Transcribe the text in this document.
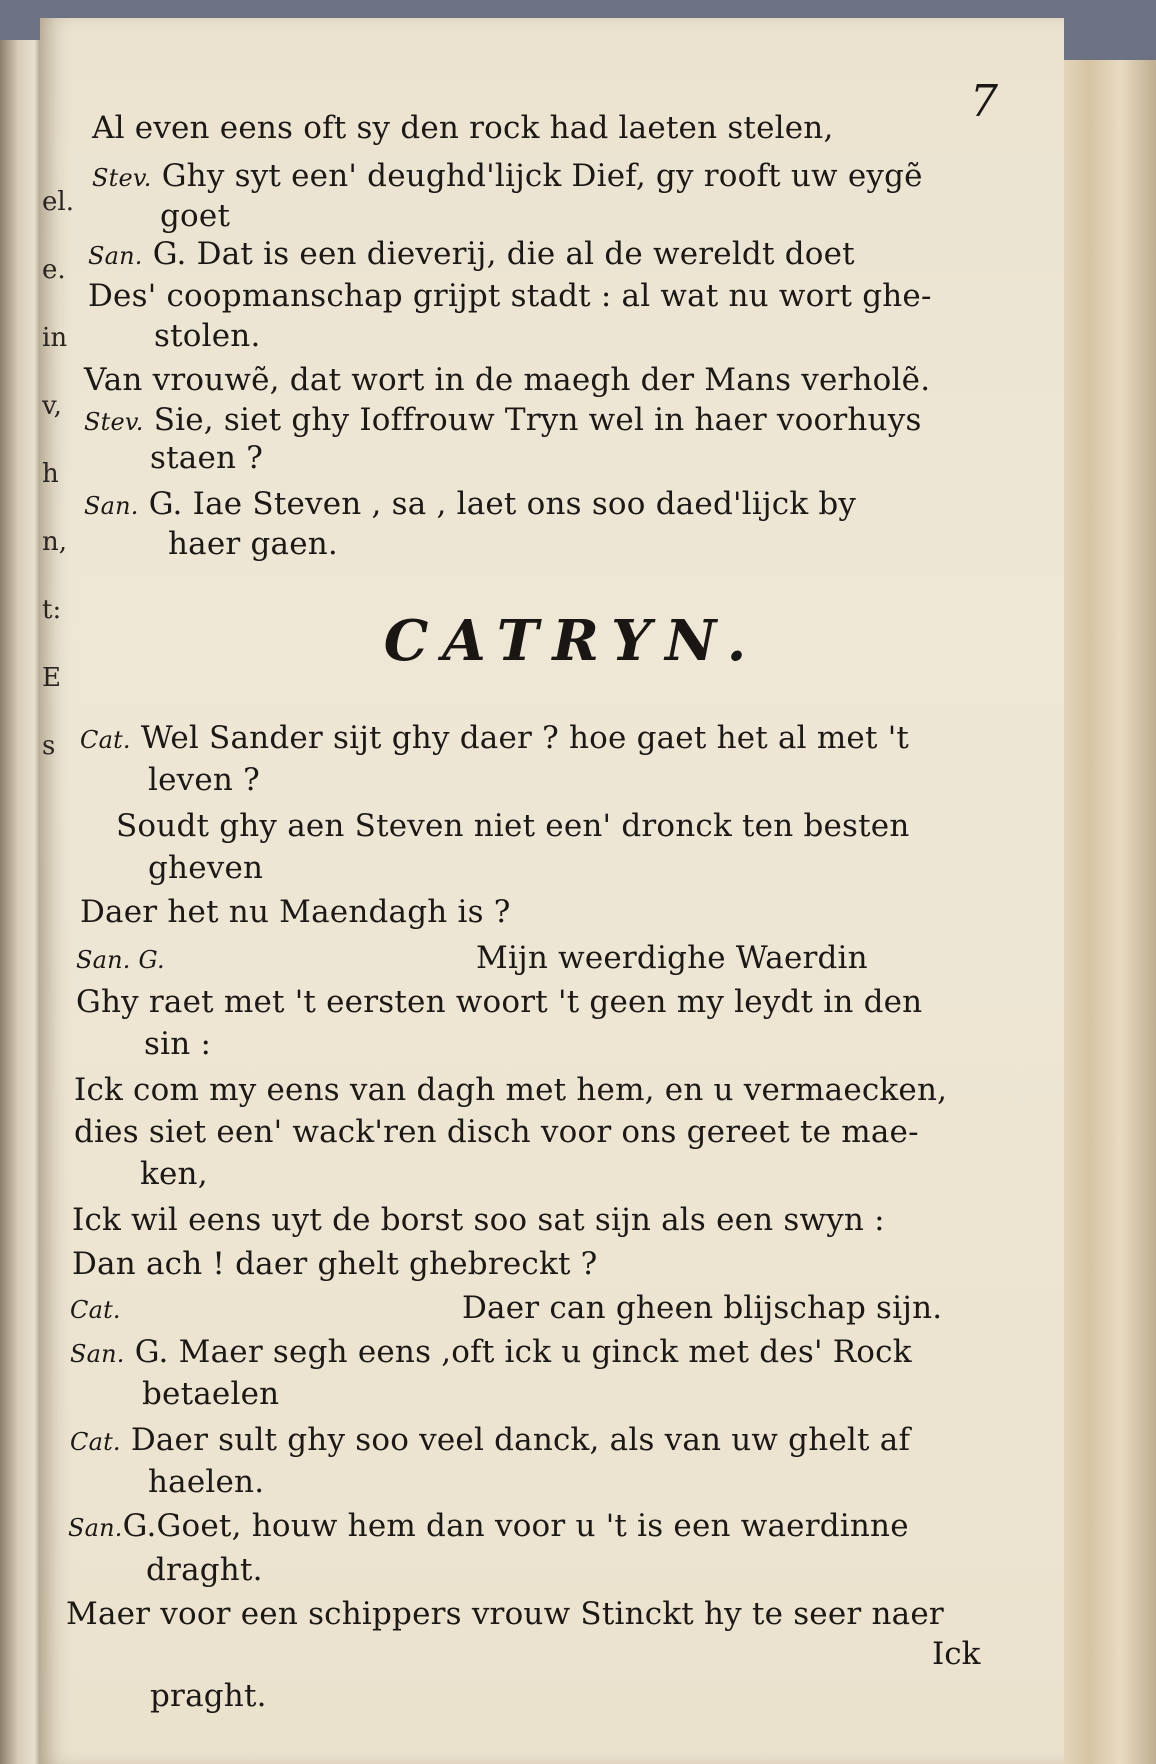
el.
e.
in
v,
h
n,
t:
E
s
7
Al even eens oft sy den rock had laeten stelen,
Stev. Ghy syt een' deughd'lijck Dief, gy rooft uw eygẽ
goet
San. G. Dat is een dieverij, die al de wereldt doet
Des' coopmanschap grijpt stadt : al wat nu wort ghe-
stolen.
Van vrouwẽ, dat wort in de maegh der Mans verholẽ.
Stev. Sie, siet ghy Ioffrouw Tryn wel in haer voorhuys
staen ?
San. G. Iae Steven , sa , laet ons soo daed'lijck by
haer gaen.
CATRYN.
Cat. Wel Sander sijt ghy daer ? hoe gaet het al met 't
leven ?
Soudt ghy aen Steven niet een' dronck ten besten
gheven
Daer het nu Maendagh is ?
San. G.	Mijn weerdighe Waerdin
Ghy raet met 't eersten woort 't geen my leydt in den
sin :
Ick com my eens van dagh met hem, en u vermaecken,
dies siet een' wack'ren disch voor ons gereet te mae-
ken,
Ick wil eens uyt de borst soo sat sijn als een swyn :
Dan ach ! daer ghelt ghebreckt ?
Cat.	Daer can gheen blijschap sijn.
San. G. Maer segh eens ,oft ick u ginck met des' Rock
betaelen
Cat. Daer sult ghy soo veel danck, als van uw ghelt af
haelen.
San.G.Goet, houw hem dan voor u 't is een waerdinne
draght.
Maer voor een schippers vrouw Stinckt hy te seer naer
Ick
praght.
